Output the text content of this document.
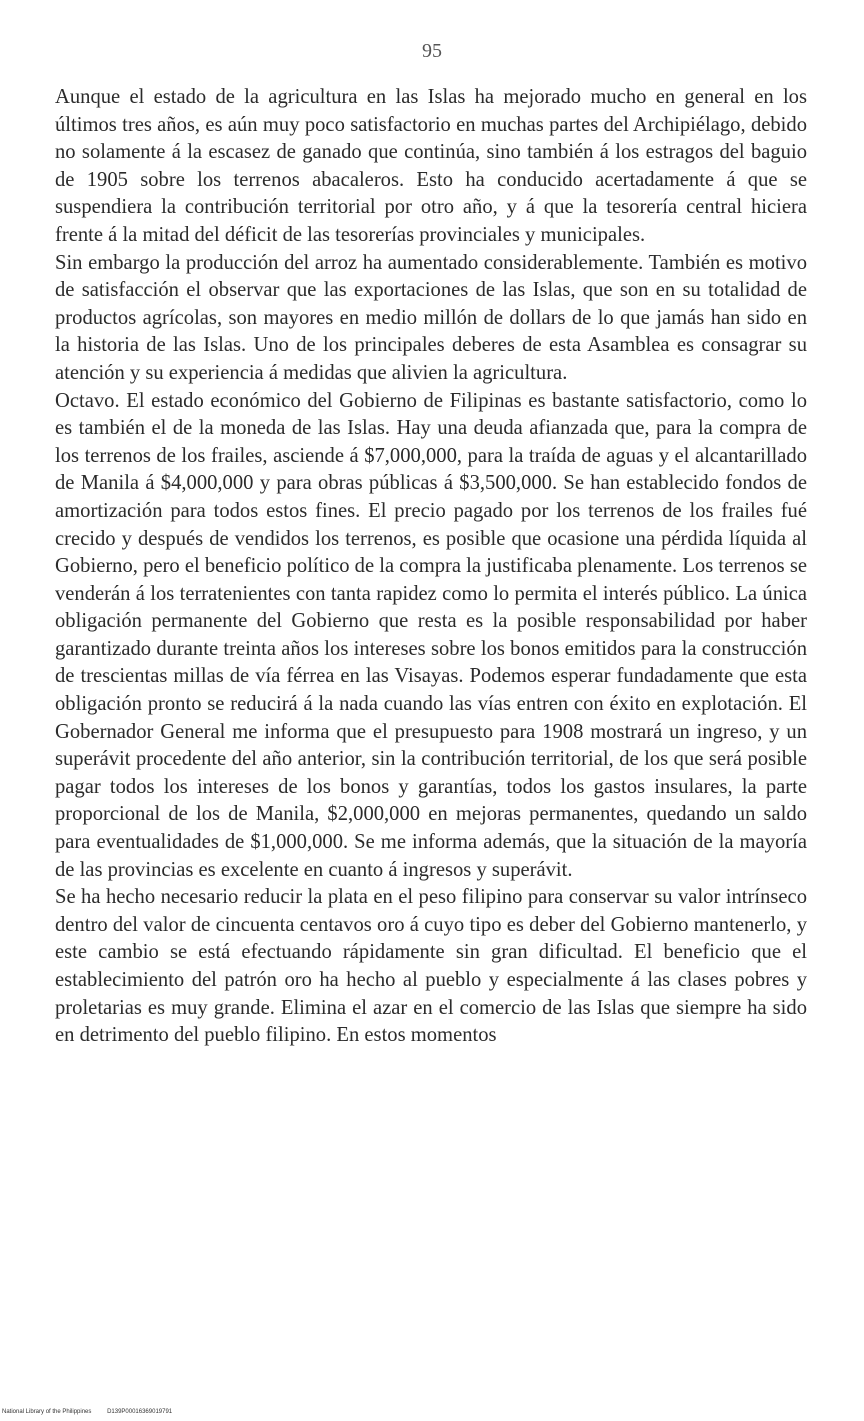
95

Aunque el estado de la agricultura en las Islas ha mejorado mucho en general en los últimos tres años, es aún muy poco satisfactorio en muchas partes del Archipiélago, debido no solamente á la escasez de ganado que continúa, sino también á los estragos del baguio de 1905 sobre los terrenos abacaleros. Esto ha conducido acertadamente á que se suspendiera la contribución territorial por otro año, y á que la tesorería central hiciera frente á la mitad del déficit de las tesorerías provinciales y municipales.

Sin embargo la producción del arroz ha aumentado considerablemente. También es motivo de satisfacción el observar que las exportaciones de las Islas, que son en su totalidad de productos agrícolas, son mayores en medio millón de dollars de lo que jamás han sido en la historia de las Islas. Uno de los principales deberes de esta Asamblea es consagrar su atención y su experiencia á medidas que alivien la agricultura.

Octavo. El estado económico del Gobierno de Filipinas es bastante satisfactorio, como lo es también el de la moneda de las Islas. Hay una deuda afianzada que, para la compra de los terrenos de los frailes, asciende á $7,000,000, para la traída de aguas y el alcantarillado de Manila á $4,000,000 y para obras públicas á $3,500,000. Se han establecido fondos de amortización para todos estos fines. El precio pagado por los terrenos de los frailes fué crecido y después de vendidos los terrenos, es posible que ocasione una pérdida líquida al Gobierno, pero el beneficio político de la compra la justificaba plenamente. Los terrenos se venderán á los terratenientes con tanta rapidez como lo permita el interés público. La única obligación permanente del Gobierno que resta es la posible responsabilidad por haber garantizado durante treinta años los intereses sobre los bonos emitidos para la construcción de trescientas millas de vía férrea en las Visayas. Podemos esperar fundadamente que esta obligación pronto se reducirá á la nada cuando las vías entren con éxito en explotación. El Gobernador General me informa que el presupuesto para 1908 mostrará un ingreso, y un superávit procedente del año anterior, sin la contribución territorial, de los que será posible pagar todos los intereses de los bonos y garantías, todos los gastos insulares, la parte proporcional de los de Manila, $2,000,000 en mejoras permanentes, quedando un saldo para eventualidades de $1,000,000. Se me informa además, que la situación de la mayoría de las provincias es excelente en cuanto á ingresos y superávit.

Se ha hecho necesario reducir la plata en el peso filipino para conservar su valor intrínseco dentro del valor de cincuenta centavos oro á cuyo tipo es deber del Gobierno mantenerlo, y este cambio se está efectuando rápidamente sin gran dificultad. El beneficio que el establecimiento del patrón oro ha hecho al pueblo y especialmente á las clases pobres y proletarias es muy grande. Elimina el azar en el comercio de las Islas que siempre ha sido en detrimento del pueblo filipino. En estos momentos

National Library of the Philippines	D139P00016369019791
